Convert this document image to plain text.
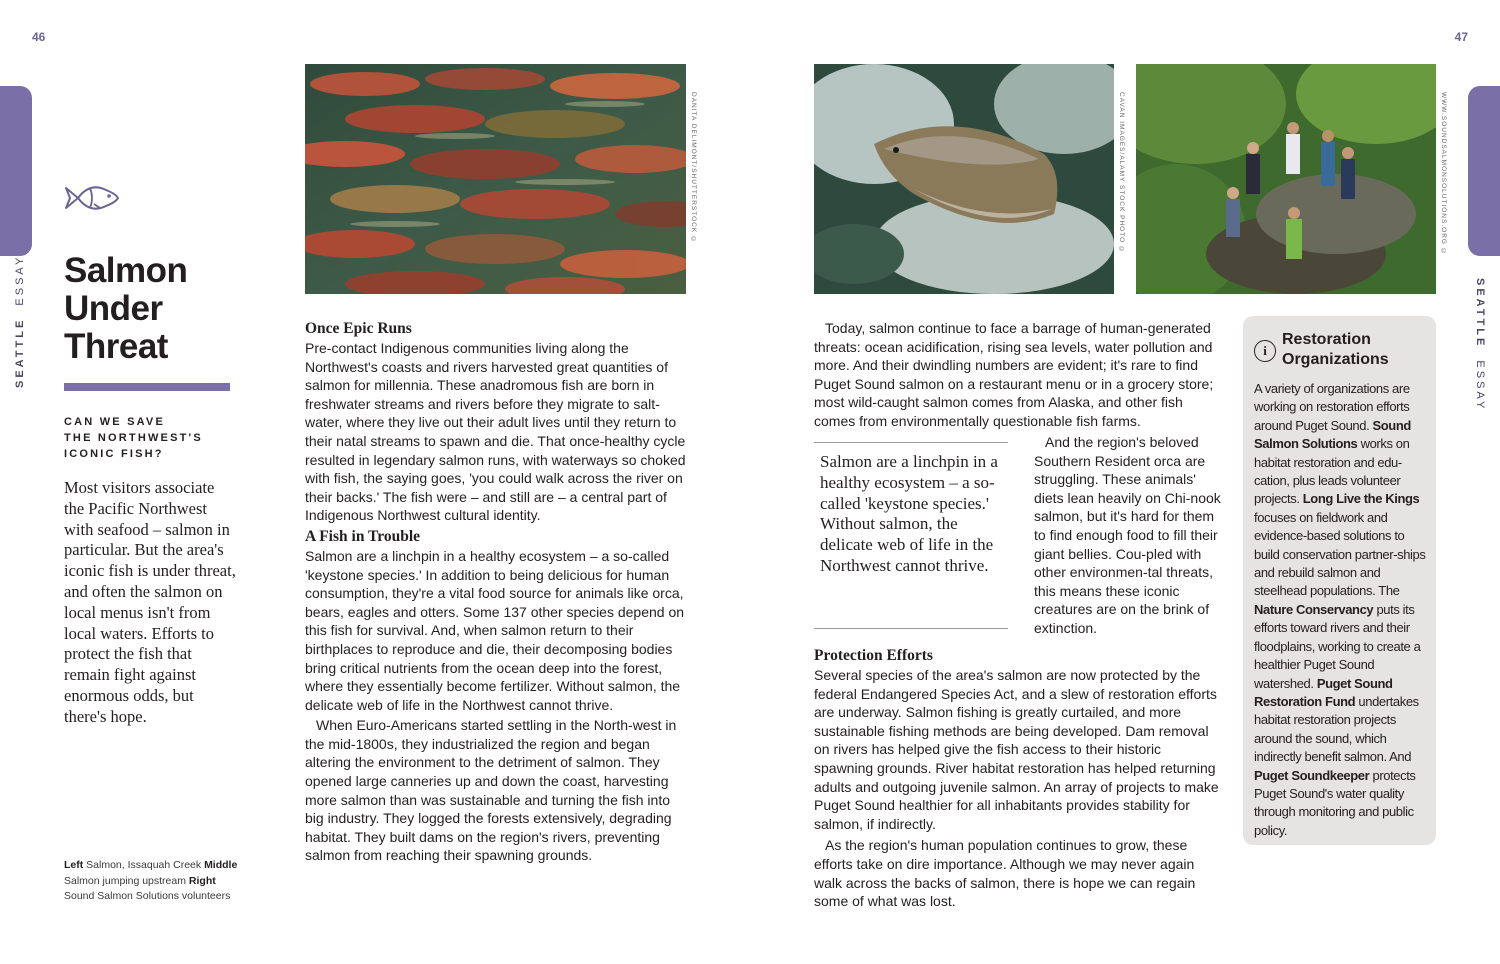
46	47
SEATTLE  ESSAY	SEATTLE  ESSAY
Salmon
Under
Threat
CAN WE SAVE
THE NORTHWEST'S
ICONIC FISH?
Most visitors associate the Pacific Northwest with seafood – salmon in particular. But the area's iconic fish is under threat, and often the salmon on local menus isn't from local waters. Efforts to protect the fish that remain fight against enormous odds, but there's hope.
Left Salmon, Issaquah Creek Middle Salmon jumping upstream Right Sound Salmon Solutions volunteers
DANITA DELIMONT/SHUTTERSTOCK ©	CAVAN IMAGES/ALAMY STOCK PHOTO ©	WWW.SOUNDSALMONSOLUTIONS.ORG ©
Once Epic Runs

Pre-contact Indigenous communities living along the Northwest's coasts and rivers harvested great quantities of salmon for millennia. These anadromous fish are born in freshwater streams and rivers before they migrate to salt-water, where they live out their adult lives until they return to their natal streams to spawn and die. That once-healthy cycle resulted in legendary salmon runs, with waterways so choked with fish, the saying goes, 'you could walk across the river on their backs.' The fish were – and still are – a central part of Indigenous Northwest cultural identity.

A Fish in Trouble

Salmon are a linchpin in a healthy ecosystem – a so-called 'keystone species.' In addition to being delicious for human consumption, they're a vital food source for animals like orca, bears, eagles and otters. Some 137 other species depend on this fish for survival. And, when salmon return to their birthplaces to reproduce and die, their decomposing bodies bring critical nutrients from the ocean deep into the forest, where they essentially become fertilizer. Without salmon, the delicate web of life in the Northwest cannot thrive.

When Euro-Americans started settling in the North-west in the mid-1800s, they industrialized the region and began altering the environment to the detriment of salmon. They opened large canneries up and down the coast, harvesting more salmon than was sustainable and turning the fish into big industry. They logged the forests extensively, degrading habitat. They built dams on the region's rivers, preventing salmon from reaching their spawning grounds.

Today, salmon continue to face a barrage of human-generated threats: ocean acidification, rising sea levels, water pollution and more. And their dwindling numbers are evident; it's rare to find Puget Sound salmon on a restaurant menu or in a grocery store; most wild-caught salmon comes from Alaska, and other fish comes from environmentally questionable fish farms.

Salmon are a linchpin in a healthy ecosystem – a so-called 'keystone species.' Without salmon, the delicate web of life in the Northwest cannot thrive.

And the region's beloved Southern Resident orca are struggling. These animals' diets lean heavily on Chi-nook salmon, but it's hard for them to find enough food to fill their giant bellies. Cou-pled with other environmen-tal threats, this means these iconic creatures are on the brink of extinction.

Protection Efforts

Several species of the area's salmon are now protected by the federal Endangered Species Act, and a slew of restoration efforts are underway. Salmon fishing is greatly curtailed, and more sustainable fishing methods are being developed. Dam removal on rivers has helped give the fish access to their historic spawning grounds. River habitat restoration has helped returning adults and outgoing juvenile salmon. An array of projects to make Puget Sound healthier for all inhabitants provides stability for salmon, if indirectly.

As the region's human population continues to grow, these efforts take on dire importance. Although we may never again walk across the backs of salmon, there is hope we can regain some of what was lost.

i
Restoration
Organizations
A variety of organizations are working on restoration efforts around Puget Sound. Sound Salmon Solutions works on habitat restoration and edu-cation, plus leads volunteer projects. Long Live the Kings focuses on fieldwork and evidence-based solutions to build conservation partner-ships and rebuild salmon and steelhead populations. The Nature Conservancy puts its efforts toward rivers and their floodplains, working to create a healthier Puget Sound watershed. Puget Sound Restoration Fund undertakes habitat restoration projects around the sound, which indirectly benefit salmon. And Puget Soundkeeper protects Puget Sound's water quality through monitoring and public policy.
